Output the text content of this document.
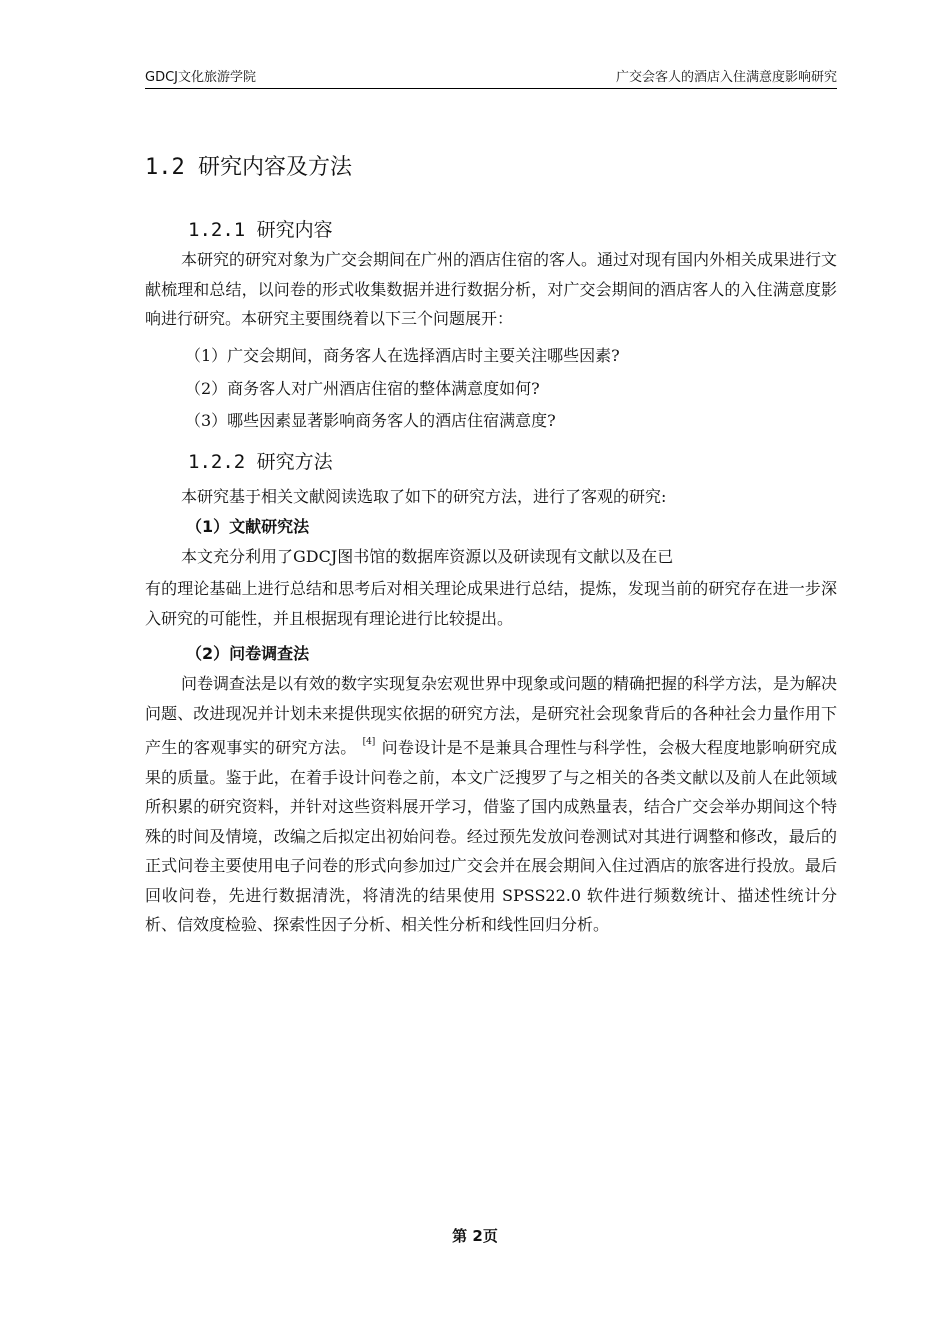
GDCJ文化旅游学院	广交会客人的酒店入住满意度影响研究
1.2 研究内容及方法
1.2.1 研究内容

本研究的研究对象为广交会期间在广州的酒店住宿的客人。通过对现有国内外相关成果进行文献梳理和总结，以问卷的形式收集数据并进行数据分析，对广交会期间的酒店客人的入住满意度影响进行研究。本研究主要围绕着以下三个问题展开：

（1）广交会期间，商务客人在选择酒店时主要关注哪些因素?

（2）商务客人对广州酒店住宿的整体满意度如何?

（3）哪些因素显著影响商务客人的酒店住宿满意度?

1.2.2 研究方法
本研究基于相关文献阅读选取了如下的研究方法，进行了客观的研究:
（1）文献研究法
本文充分利用了GDCJ图书馆的数据库资源以及研读现有文献以及在已

有的理论基础上进行总结和思考后对相关理论成果进行总结，提炼，发现当前的研究存在进一步深入研究的可能性，并且根据现有理论进行比较提出。

（2）问卷调查法

问卷调查法是以有效的数字实现复杂宏观世界中现象或问题的精确把握的科学方法，是为解决问题、改进现况并计划未来提供现实依据的研究方法，是研究社会现象背后的各种社会力量作用下产生的客观事实的研究方法。 [4] 问卷设计是不是兼具合理性与科学性，会极大程度地影响研究成果的质量。鉴于此，在着手设计问卷之前，本文广泛搜罗了与之相关的各类文献以及前人在此领域所积累的研究资料，并针对这些资料展开学习，借鉴了国内成熟量表，结合广交会举办期间这个特殊的时间及情境，改编之后拟定出初始问卷。经过预先发放问卷测试对其进行调整和修改，最后的正式问卷主要使用电子问卷的形式向参加过广交会并在展会期间入住过酒店的旅客进行投放。最后回收问卷，先进行数据清洗，将清洗的结果使用 SPSS22.0 软件进行频数统计、描述性统计分析、信效度检验、探索性因子分析、相关性分析和线性回归分析。

第 2页
